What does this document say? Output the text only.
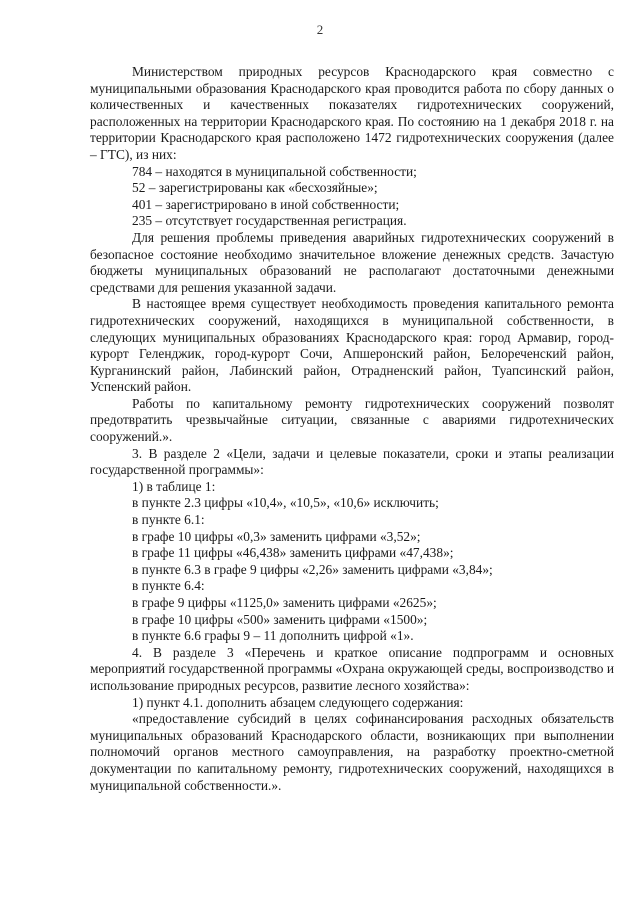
2

Министерством природных ресурсов Краснодарского края совместно с муниципальными образования Краснодарского края проводится работа по сбору данных о количественных и качественных показателях гидротехнических сооружений, расположенных на территории Краснодарского края. По состоянию на 1 декабря 2018 г. на территории Краснодарского края расположено 1472 гидротехнических сооружения (далее – ГТС), из них:

784 – находятся в муниципальной собственности;

52 – зарегистрированы как «бесхозяйные»;

401 – зарегистрировано в иной собственности;

235 – отсутствует государственная регистрация.

Для решения проблемы приведения аварийных гидротехнических сооружений в безопасное состояние необходимо значительное вложение денежных средств. Зачастую бюджеты муниципальных образований не располагают достаточными денежными средствами для решения указанной задачи.

В настоящее время существует необходимость проведения капитального ремонта гидротехнических сооружений, находящихся в муниципальной собственности, в следующих муниципальных образованиях Краснодарского края: город Армавир, город-курорт Геленджик, город-курорт Сочи, Апшеронский район, Белореченский район, Курганинский район, Лабинский район, Отрадненский район, Туапсинский район, Успенский район.

Работы по капитальному ремонту гидротехнических сооружений позволят предотвратить чрезвычайные ситуации, связанные с авариями гидротехнических сооружений.».

3. В разделе 2 «Цели, задачи и целевые показатели, сроки и этапы реализации государственной программы»:

1) в таблице 1:

в пункте 2.3 цифры «10,4», «10,5», «10,6» исключить;

в пункте 6.1:

в графе 10 цифры «0,3» заменить цифрами «3,52»;

в графе 11 цифры «46,438» заменить цифрами «47,438»;

в пункте 6.3 в графе 9 цифры «2,26» заменить цифрами «3,84»;

в пункте 6.4:

в графе 9 цифры «1125,0» заменить цифрами «2625»;

в графе 10 цифры «500» заменить цифрами «1500»;

в пункте 6.6 графы 9 – 11 дополнить цифрой «1».

4. В разделе 3 «Перечень и краткое описание подпрограмм и основных мероприятий государственной программы «Охрана окружающей среды, воспроизводство и использование природных ресурсов, развитие лесного хозяйства»:

1) пункт 4.1. дополнить абзацем следующего содержания:

«предоставление субсидий в целях софинансирования расходных обязательств муниципальных образований Краснодарского области, возникающих при выполнении полномочий органов местного самоуправления, на разработку проектно-сметной документации по капитальному ремонту, гидротехнических сооружений, находящихся в муниципальной собственности.».
